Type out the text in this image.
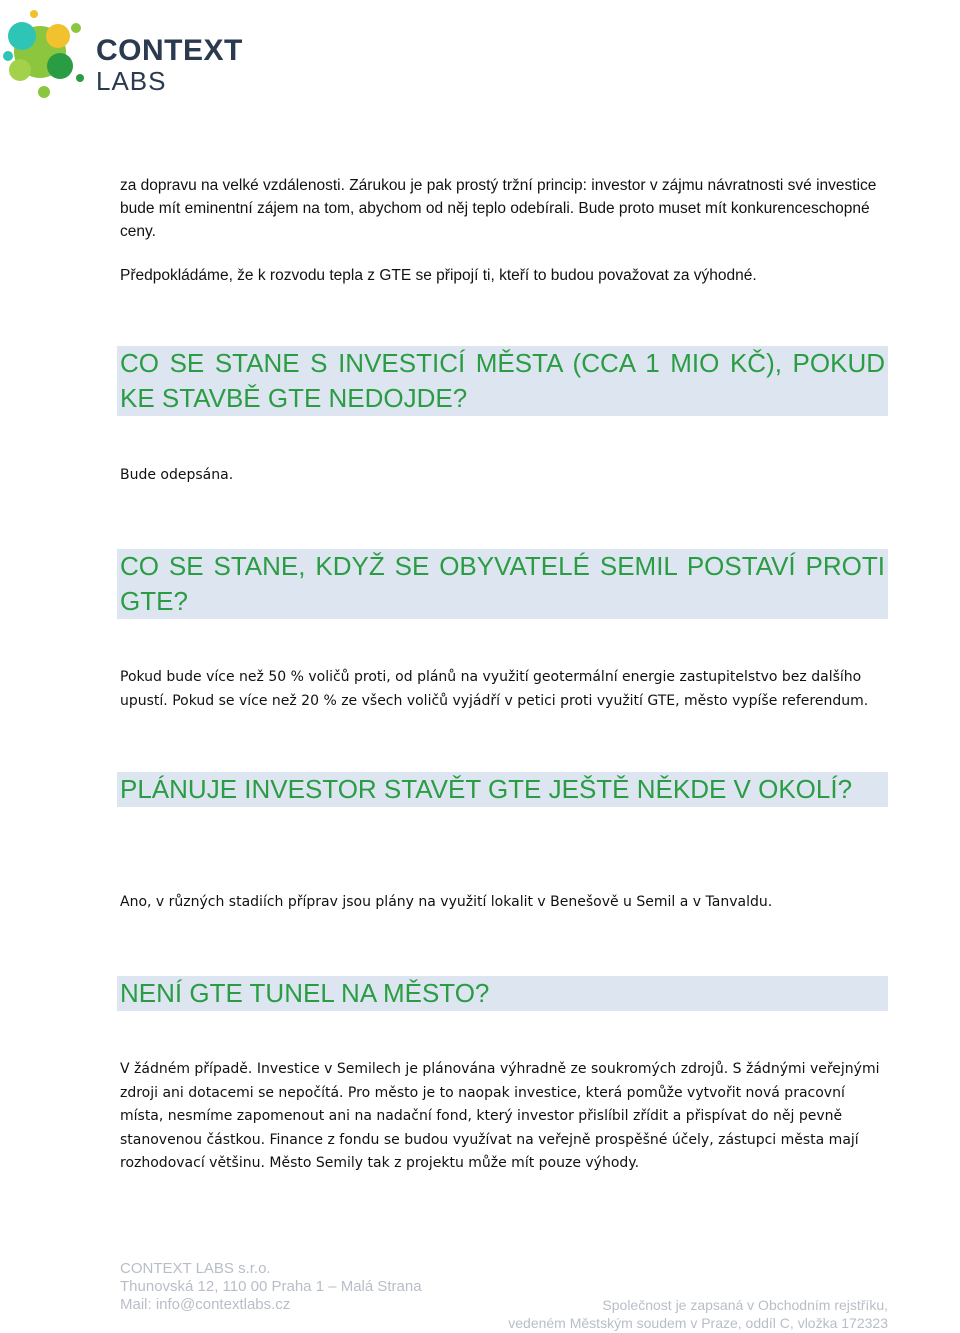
CONTEXT
LABS

za dopravu na velké vzdálenosti. Zárukou je pak prostý tržní princip: investor v zájmu návratnosti své investice bude mít eminentní zájem na tom, abychom od něj teplo odebírali. Bude proto muset mít konkurenceschopné ceny.

Předpokládáme, že k rozvodu tepla z GTE se připojí ti, kteří to budou považovat za výhodné.

CO SE STANE S INVESTICÍ MĚSTA (CCA 1 MIO KČ), POKUD KE STAVBĚ GTE NEDOJDE?

Bude odepsána.

CO SE STANE, KDYŽ SE OBYVATELÉ SEMIL POSTAVÍ PROTI GTE?

Pokud bude více než 50 % voličů proti, od plánů na využití geotermální energie zastupitelstvo bez dalšího upustí. Pokud se více než 20 % ze všech voličů vyjádří v petici proti využití GTE, město vypíše referendum.

PLÁNUJE INVESTOR STAVĚT GTE JEŠTĚ NĚKDE V OKOLÍ?

Ano, v různých stadiích příprav jsou plány na využití lokalit v Benešově u Semil a v Tanvaldu.

NENÍ GTE TUNEL NA MĚSTO?

V žádném případě. Investice v Semilech je plánována výhradně ze soukromých zdrojů. S žádnými veřejnými zdroji ani dotacemi se nepočítá. Pro město je to naopak investice, která pomůže vytvořit nová pracovní místa, nesmíme zapomenout ani na nadační fond, který investor přislíbil zřídit a přispívat do něj pevně stanovenou částkou. Finance z fondu se budou využívat na veřejně prospěšné účely, zástupci města mají rozhodovací většinu. Město Semily tak z projektu může mít pouze výhody.

CONTEXT LABS s.r.o.
Thunovská 12, 110 00 Praha 1 – Malá Strana
Mail: info@contextlabs.cz	Společnost je zapsaná v Obchodním rejstříku,
vedeném Městským soudem v Praze, oddíl C, vložka 172323
